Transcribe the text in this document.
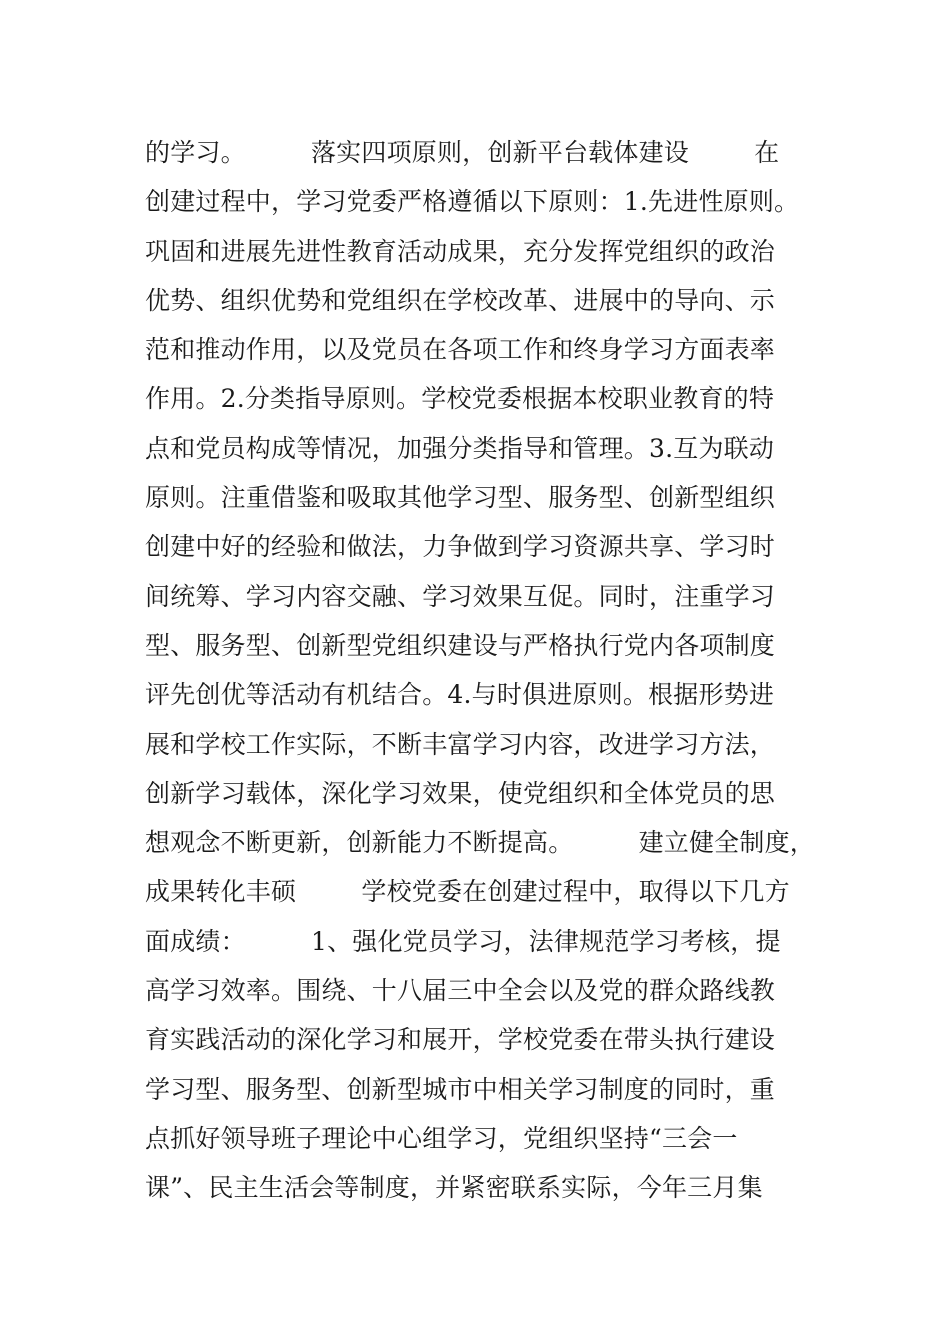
的学习。        落实四项原则，创新平台载体建设        在
创建过程中，学习党委严格遵循以下原则：1.先进性原则。
巩固和进展先进性教育活动成果，充分发挥党组织的政治
优势、组织优势和党组织在学校改革、进展中的导向、示
范和推动作用，以及党员在各项工作和终身学习方面表率
作用。2.分类指导原则。学校党委根据本校职业教育的特
点和党员构成等情况，加强分类指导和管理。3.互为联动
原则。注重借鉴和吸取其他学习型、服务型、创新型组织
创建中好的经验和做法，力争做到学习资源共享、学习时
间统筹、学习内容交融、学习效果互促。同时，注重学习
型、服务型、创新型党组织建设与严格执行党内各项制度
评先创优等活动有机结合。4.与时俱进原则。根据形势进
展和学校工作实际，不断丰富学习内容，改进学习方法，
创新学习载体，深化学习效果，使党组织和全体党员的思
想观念不断更新，创新能力不断提高。        建立健全制度，
成果转化丰硕        学校党委在创建过程中，取得以下几方
面成绩：        1、强化党员学习，法律规范学习考核，提
高学习效率。围绕、十八届三中全会以及党的群众路线教
育实践活动的深化学习和展开，学校党委在带头执行建设
学习型、服务型、创新型城市中相关学习制度的同时，重
点抓好领导班子理论中心组学习，党组织坚持“三会一
课”、民主生活会等制度，并紧密联系实际，今年三月集
